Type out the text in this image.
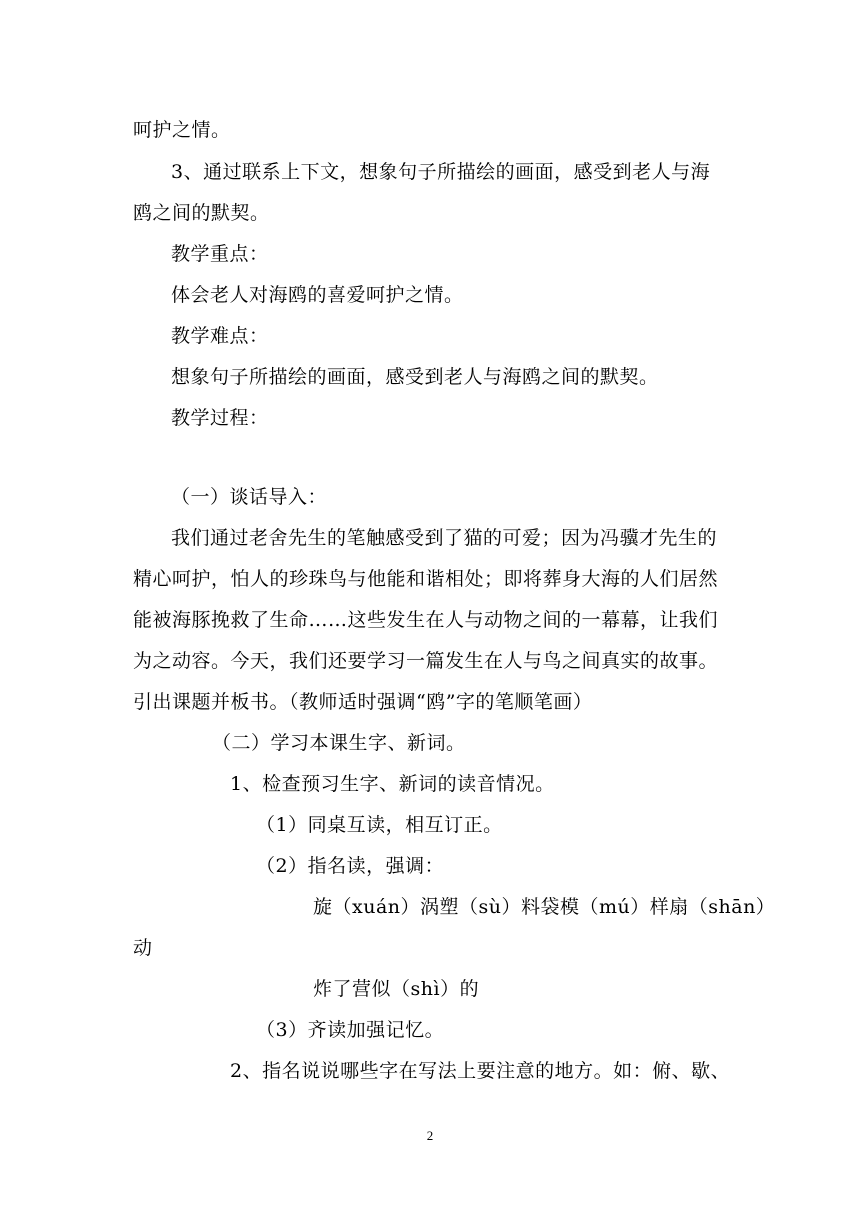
呵护之情。
3、通过联系上下文，想象句子所描绘的画面，感受到老人与海
鸥之间的默契。
教学重点：
体会老人对海鸥的喜爱呵护之情。
教学难点：
想象句子所描绘的画面，感受到老人与海鸥之间的默契。
教学过程：
（一）谈话导入：
我们通过老舍先生的笔触感受到了猫的可爱；因为冯骥才先生的
精心呵护，怕人的珍珠鸟与他能和谐相处；即将葬身大海的人们居然
能被海豚挽救了生命……这些发生在人与动物之间的一幕幕，让我们
为之动容。今天，我们还要学习一篇发生在人与鸟之间真实的故事。
引出课题并板书。（教师适时强调“鸥”字的笔顺笔画）
（二）学习本课生字、新词。
1、检查预习生字、新词的读音情况。
（1）同桌互读，相互订正。
（2）指名读，强调：
旋（xuán）涡塑（sù）料袋模（mú）样扇（shān）
动
炸了营似（shì）的
（3）齐读加强记忆。
2、指名说说哪些字在写法上要注意的地方。如：俯、歇、
2
